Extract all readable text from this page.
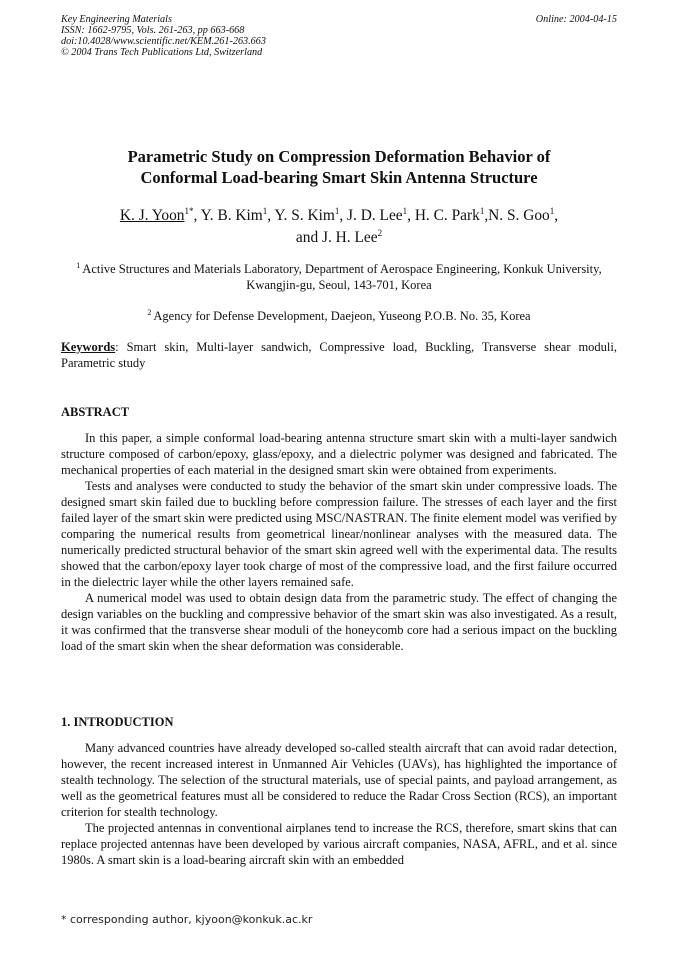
Key Engineering Materials
ISSN: 1662-9795, Vols. 261-263, pp 663-668
doi:10.4028/www.scientific.net/KEM.261-263.663
© 2004 Trans Tech Publications Ltd, Switzerland
Online: 2004-04-15
Parametric Study on Compression Deformation Behavior of
Conformal Load-bearing Smart Skin Antenna Structure
K. J. Yoon$^{1*}$, Y. B. Kim$^1$, Y. S. Kim$^1$, J. D. Lee$^1$, H. C. Park$^1$,N. S. Goo$^1$,
and J. H. Lee$^2$
$^1$ Active Structures and Materials Laboratory, Department of Aerospace Engineering, Konkuk University, Kwangjin-gu, Seoul, 143-701, Korea
$^2$ Agency for Defense Development, Daejeon, Yuseong P.O.B. No. 35, Korea
Keywords: Smart skin, Multi-layer sandwich, Compressive load, Buckling, Transverse shear moduli, Parametric study
ABSTRACT

In this paper, a simple conformal load-bearing antenna structure smart skin with a multi-layer sandwich structure composed of carbon/epoxy, glass/epoxy, and a dielectric polymer was designed and fabricated. The mechanical properties of each material in the designed smart skin were obtained from experiments.

Tests and analyses were conducted to study the behavior of the smart skin under compressive loads. The designed smart skin failed due to buckling before compression failure. The stresses of each layer and the first failed layer of the smart skin were predicted using MSC/NASTRAN. The finite element model was verified by comparing the numerical results from geometrical linear/nonlinear analyses with the measured data. The numerically predicted structural behavior of the smart skin agreed well with the experimental data. The results showed that the carbon/epoxy layer took charge of most of the compressive load, and the first failure occurred in the dielectric layer while the other layers remained safe.

A numerical model was used to obtain design data from the parametric study. The effect of changing the design variables on the buckling and compressive behavior of the smart skin was also investigated. As a result, it was confirmed that the transverse shear moduli of the honeycomb core had a serious impact on the buckling load of the smart skin when the shear deformation was considerable.

1. INTRODUCTION

Many advanced countries have already developed so-called stealth aircraft that can avoid radar detection, however, the recent increased interest in Unmanned Air Vehicles (UAVs), has highlighted the importance of stealth technology. The selection of the structural materials, use of special paints, and payload arrangement, as well as the geometrical features must all be considered to reduce the Radar Cross Section (RCS), an important criterion for stealth technology.

The projected antennas in conventional airplanes tend to increase the RCS, therefore, smart skins that can replace projected antennas have been developed by various aircraft companies, NASA, AFRL, and et al. since 1980s. A smart skin is a load-bearing aircraft skin with an embedded

* corresponding author, kjyoon@konkuk.ac.kr
